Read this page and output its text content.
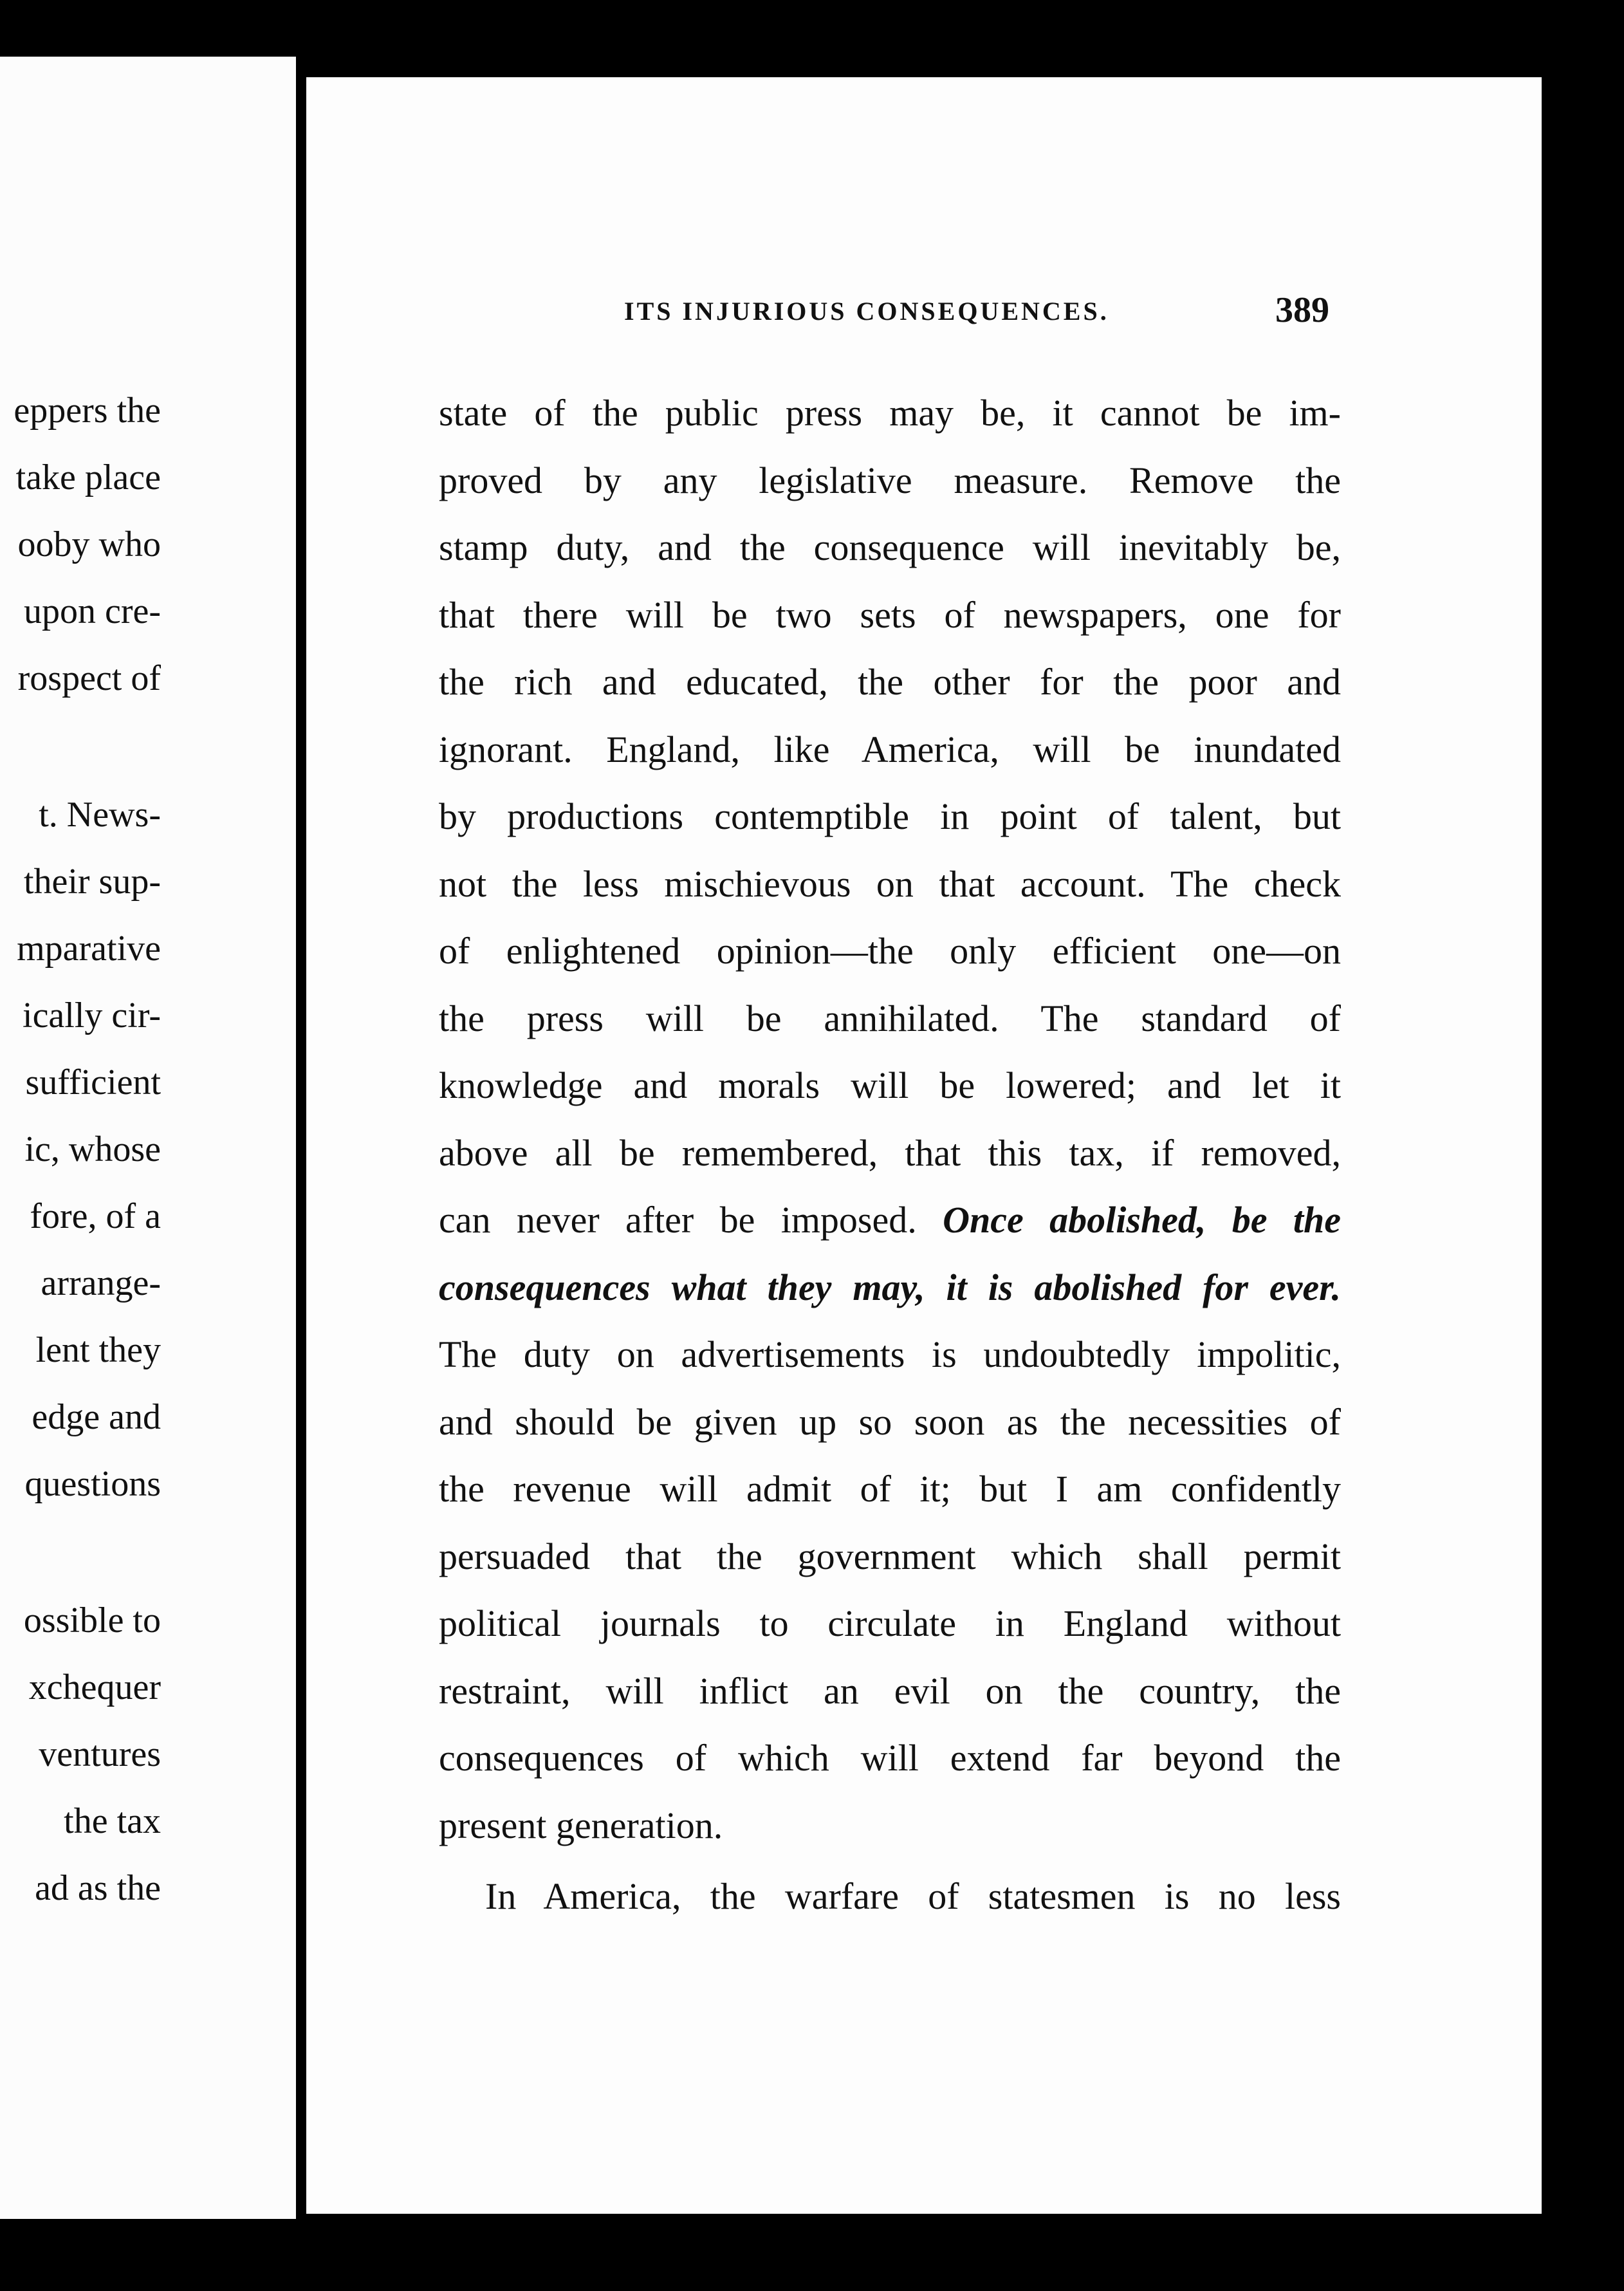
eppers the
take place
ooby who
upon cre-
rospect of
t. News-
their sup-
mparative
ically cir-
sufficient
ic, whose
fore, of a
arrange-
lent they
edge and
questions
ossible to
xchequer
ventures
the tax
ad as the
ITS INJURIOUS CONSEQUENCES.	389
state of the public press may be, it cannot be im-
proved by any legislative measure. Remove the
stamp duty, and the consequence will inevitably be,
that there will be two sets of newspapers, one for
the rich and educated, the other for the poor and
ignorant. England, like America, will be inundated
by productions contemptible in point of talent, but
not the less mischievous on that account. The check
of enlightened opinion—the only efficient one—on
the press will be annihilated. The standard of
knowledge and morals will be lowered; and let it
above all be remembered, that this tax, if removed,
can never after be imposed. Once abolished, be the
consequences what they may, it is abolished for ever.
The duty on advertisements is undoubtedly impolitic,
and should be given up so soon as the necessities of
the revenue will admit of it; but I am confidently
persuaded that the government which shall permit
political journals to circulate in England without
restraint, will inflict an evil on the country, the
consequences of which will extend far beyond the
present generation.
In America, the warfare of statesmen is no less
